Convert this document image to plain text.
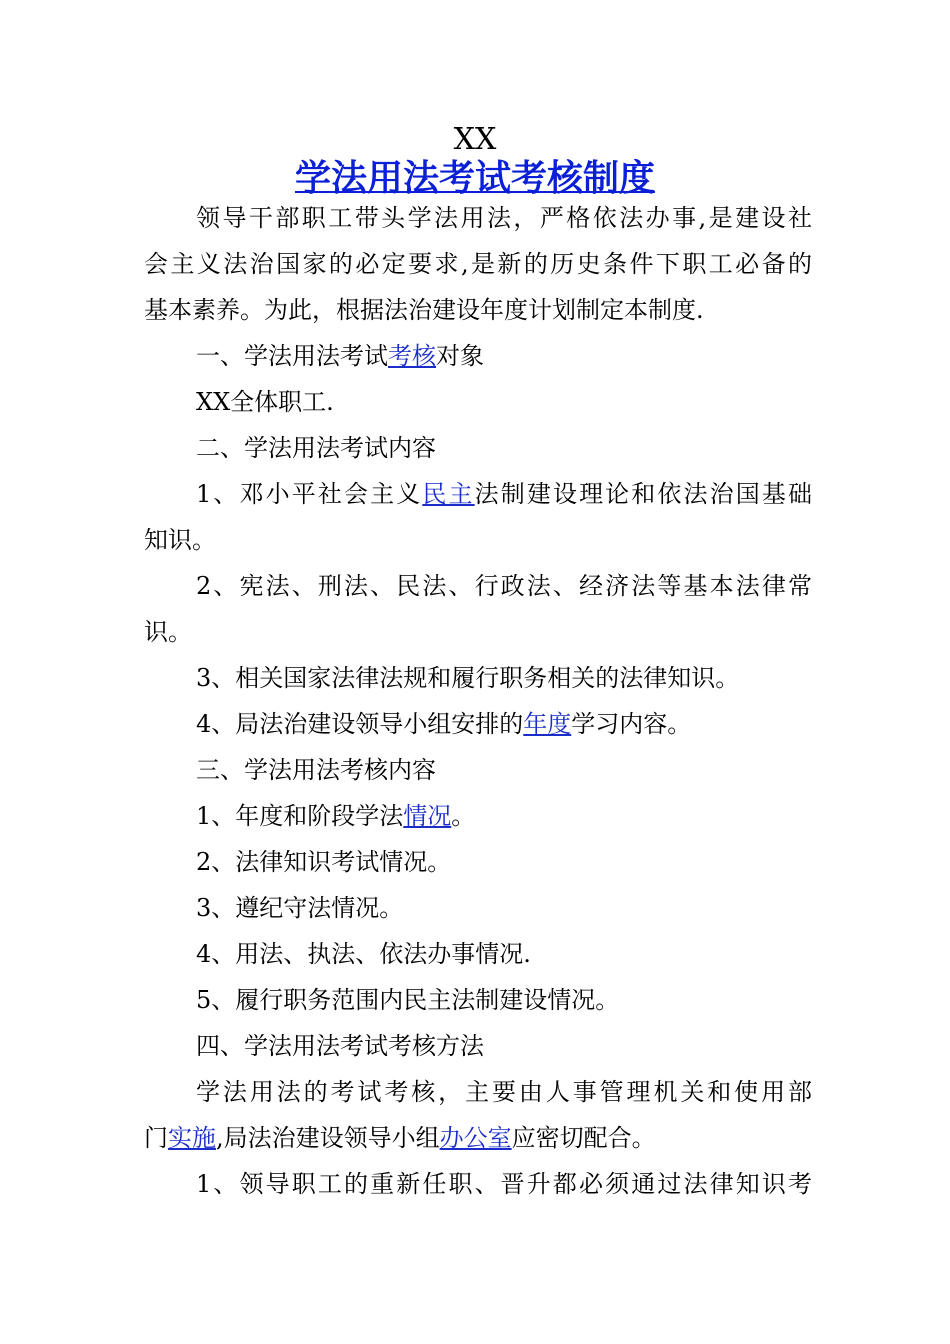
XX
学法用法考试考核制度
领导干部职工带头学法用法，严格依法办事,是建设社
会主义法治国家的必定要求,是新的历史条件下职工必备的
基本素养。为此，根据法治建设年度计划制定本制度.
一、学法用法考试考核对象
XX全体职工.
二、学法用法考试内容
1、邓小平社会主义民主法制建设理论和依法治国基础
知识。
2、宪法、刑法、民法、行政法、经济法等基本法律常
识。
3、相关国家法律法规和履行职务相关的法律知识。
4、局法治建设领导小组安排的年度学习内容。
三、学法用法考核内容
1、年度和阶段学法情况。
2、法律知识考试情况。
3、遵纪守法情况。
4、用法、执法、依法办事情况.
5、履行职务范围内民主法制建设情况。
四、学法用法考试考核方法
学法用法的考试考核，主要由人事管理机关和使用部
门实施,局法治建设领导小组办公室应密切配合。
1、领导职工的重新任职、晋升都必须通过法律知识考
